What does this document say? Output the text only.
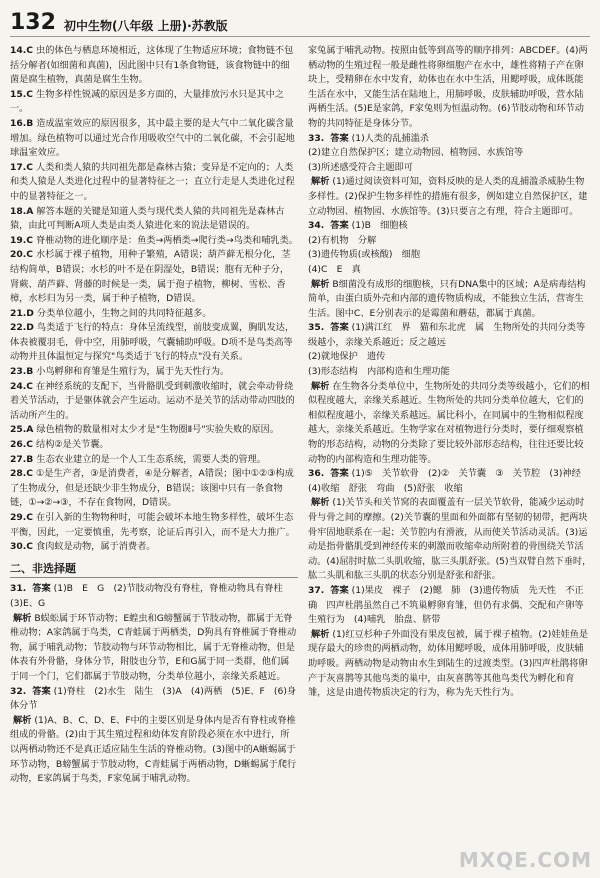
132 初中生物(八年级 上册)·苏教版
14.C 虫的体色与栖息环境相近，这体现了生物适应环境；食物链不包括分解者(如细菌和真菌)，因此图中只有1条食物链，该食物链中的细菌是腐生植物，真菌是腐生生物。
15.C 生物多样性锐减的原因是多方面的，大量排放污水只是其中之一。
16.B 造成温室效应的原因很多，其中最主要的是大气中二氧化碳含量增加。绿色植物可以通过光合作用吸收空气中的二氧化碳，不会引起地球温室效应。
17.C 人类和类人猿的共同祖先都是森林古猿；变异是不定向的；人类和类人猿是人类进化过程中的显著特征之一；直立行走是人类进化过程中的显著特征之一。
18.A 解答本题的关键是知道人类与现代类人猿的共同祖先是森林古猿，由此可判断A项人类是由类人猿进化来的说法是错误的。
19.C 脊椎动物的进化顺序是：鱼类→两栖类→爬行类→鸟类和哺乳类。
20.C 水杉属于裸子植物，用种子繁殖，A错误；葫芦藓无根分化，茎结构简单，B错误；水杉的叶不是在阴湿处，B错误；胞有无种子分，肾蕨、葫芦藓、肾藤的时候是一类，属于孢子植物，柳树、雪松、香樟，水杉归为另一类，属于种子植物，D错误。
21.D 分类单位越小，生物之间的共同特征越多。
22.D 鸟类适于飞行的特点：身体呈流线型，前肢变成翼，胸肌发达，体表被覆羽毛，骨中空，用肺呼吸，气囊辅助呼吸。D项不是鸟类高等动物并且体温恒定与探究"鸟类适于飞行的特点"没有关系。
23.B 小鸟孵卵和育雏是生殖行为，属于先天性行为。
24.C 在神经系统的支配下，当骨骼肌受到刺激收缩时，就会牵动骨绕着关节活动，于是躯体就会产生运动。运动不是关节的活动带动四肢的活动所产生的。
25.A 绿色植物的数量相对太少才是"生物圈Ⅱ号"实验失败的原因。
26.C 结构②是关节囊。
27.B 生态农业建立的是一个人工生态系统，需要人类的管理。
28.C ①是生产者，③是消费者，④是分解者，A错误；图中①②③构成了生物成分，但是还缺少非生物成分，B错误；该图中只有一条食物链，①→②→③，不存在食物网，D错误。
29.C 在引入新的生物物种时，可能会破坏本地生物多样性，破坏生态平衡，因此，一定要慎重，先考察，论证后再引入，而不是大力推广。
30.C 食肉蚁是动物，属于消费者。
二、非选择题
31. 答案 (1)B　E　G　(2)节肢动物没有脊柱，脊椎动物具有脊柱　(3)E、G
解析 B蜈蚣属于环节动物；E蝗虫和G螃蟹属于节肢动物，都属于无脊椎动物；A家鸽属于鸟类，C青蛙属于两栖类，D狗具有脊椎属于脊椎动物，属于哺乳动物；节肢动物与环节动物相比，属于无脊椎动物，但是体表有外骨骼，身体分节，附肢也分节，E和G属于同一类群，他们属于同一个门，它们都属于节肢动物，分类单位越小，亲缘关系越近。
32. 答案 (1)脊柱　(2)水生　陆生　(3)A　(4)两栖　(5)E、F　(6)身体分节
解析 (1)A、B、C、D、E、F中的主要区别是身体内是否有脊柱或脊椎组成的骨骼。(2)由于其生殖过程和幼体发育阶段必须在水中进行，所以两栖动物还不是真正适应陆生生活的脊椎动物。(3)图中的A蜥蜴属于环节动物，B螃蟹属于节肢动物，C青蛙属于两栖动物，D蜥蜴属于爬行动物，E家鸽属于鸟类，F家兔属于哺乳动物。
家兔属于哺乳动物。按照由低等到高等的顺序排列：ABCDEF。(4)两栖动物的生殖过程一般是雌性将卵细胞产在水中，雄性将精子产在卵块上，受精卵在水中发育，幼体也在水中生活，用鳃呼吸，成体既能生活在水中，又能生活在陆地上，用肺呼吸，皮肤辅助呼吸，营水陆两栖生活。(5)E是家鸽，F家兔则为恒温动物。(6)节肢动物和环节动物的共同特征是身体分节。
33. 答案 (1)人类的乱捕滥杀
(2)建立自然保护区；建立动物园、植物园、水族馆等
(3)所述感受符合主题即可
解析 (1)通过阅读资料可知，资料反映的是人类的乱捕滥杀威胁生物多样性。(2)保护生物多样性的措施有很多，例如建立自然保护区，建立动物园、植物园、水族馆等。(3)只要言之有理，符合主题即可。
34. 答案 (1)B　细胞核
(2)有机物　分解
(3)遗传物质(或核酸)　细胞
(4)C　E　真
解析 B细菌没有成形的细胞核，只有DNA集中的区域；A是病毒结构简单，由蛋白质外壳和内部的遗传物质构成，不能独立生活，营寄生生活。图中C、E分别表示的是霉菌和蘑菇，都属于真菌。
35. 答案 (1)满江红　界　猫和东北虎　属　生物所处的共同分类等级越小，亲缘关系越近；反之越远
(2)就地保护　遗传
(3)形态结构　内部构造和生理功能
解析 在生物各分类单位中，生物所处的共同分类等级越小，它们的相似程度越大，亲缘关系越近。生物所处的共同分类单位越大，它们的相似程度越小，亲缘关系越远。属比科小，在同属中的生物相似程度越大，亲缘关系越近。生物学家在对植物进行分类时，要仔细观察植物的形态结构，动物的分类除了要比较外部形态结构，往往还要比较动物的内部构造和生理功能等。
36. 答案 (1)⑤　关节软骨　(2)②　关节囊　③　关节腔　(3)神经　(4)收缩　舒张　弯曲　(5)舒张　收缩
解析 (1)关节头和关节窝的表面覆盖有一层关节软骨，能减少运动时骨与骨之间的摩擦。(2)关节囊的里面和外面都有坚韧的韧带，把两块骨牢固地联系在一起；关节腔内有滑液，从而使关节活动灵活。(3)运动是指骨骼肌受到神经传来的刺激而收缩牵动所附着的骨围绕关节活动。(4)屈肘时肱二头肌收缩，肱三头肌舒张。(5)当双臂自然下垂时，肱二头肌和肱三头肌的状态分别是舒张和舒张。
37. 答案 (1)果皮　裸子　(2)鳃　肺　(3)遗传物质　先天性　不正确　四声杜鹃虽然自己不筑巢孵卵育雏，但仍有求偶、交配和产卵等生殖行为　(4)哺乳　胎盘、脐带
解析 (1)红豆杉种子外面没有果皮包被，属于裸子植物。(2)娃娃鱼是现存最大的珍贵的两栖动物，幼体用鳃呼吸，成体用肺呼吸，皮肤辅助呼吸。两栖动物是动物由水生到陆生的过渡类型。(3)四声杜鹃将卵产于灰喜鹊等其他鸟类的巢中，由灰喜鹊等其他鸟类代为孵化和育雏，这是由遗传物质决定的行为，称为先天性行为。
MXQE.COM
